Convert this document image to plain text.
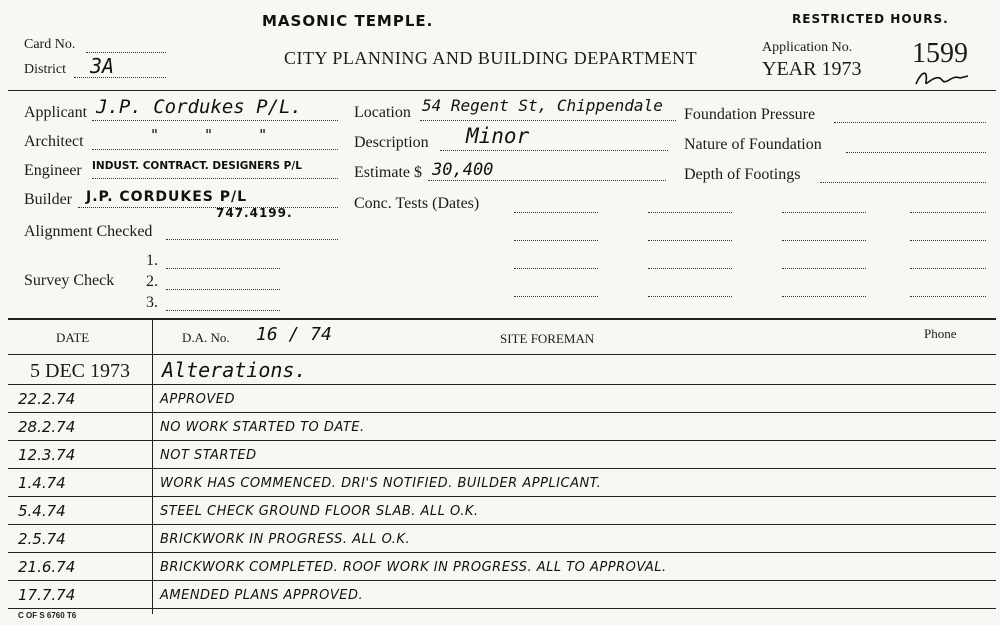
MASONIC TEMPLE.	RESTRICTED HOURS.
Card No.
District 3A	CITY PLANNING AND BUILDING DEPARTMENT
Application No.
YEAR 1973 1599
Applicant J.P. Cordukes P/L.
Architect	" " "
Engineer INDUST. CONTRACT. DESIGNERS P/L
Builder J.P. CORDUKES P/L
747.4199.
Alignment Checked
Survey Check
1.
2.
3.
Location 54 Regent St, Chippendale
Description Minor
Estimate $ 30,400
Conc. Tests (Dates)
Foundation Pressure
Nature of Foundation
Depth of Footings
DATE	D.A. No. 16 / 74	SITE FOREMAN	Phone
5 DEC 1973 Alterations.
22.2.74	APPROVED
28.2.74	NO WORK STARTED TO DATE.
12.3.74	NOT STARTED
1.4.74	WORK HAS COMMENCED. DRI'S NOTIFIED. BUILDER APPLICANT.
5.4.74	STEEL CHECK GROUND FLOOR SLAB. ALL O.K.
2.5.74	BRICKWORK IN PROGRESS. ALL O.K.
21.6.74	BRICKWORK COMPLETED. ROOF WORK IN PROGRESS. ALL TO APPROVAL.
17.7.74	AMENDED PLANS APPROVED.
C OF S 6760 T6
